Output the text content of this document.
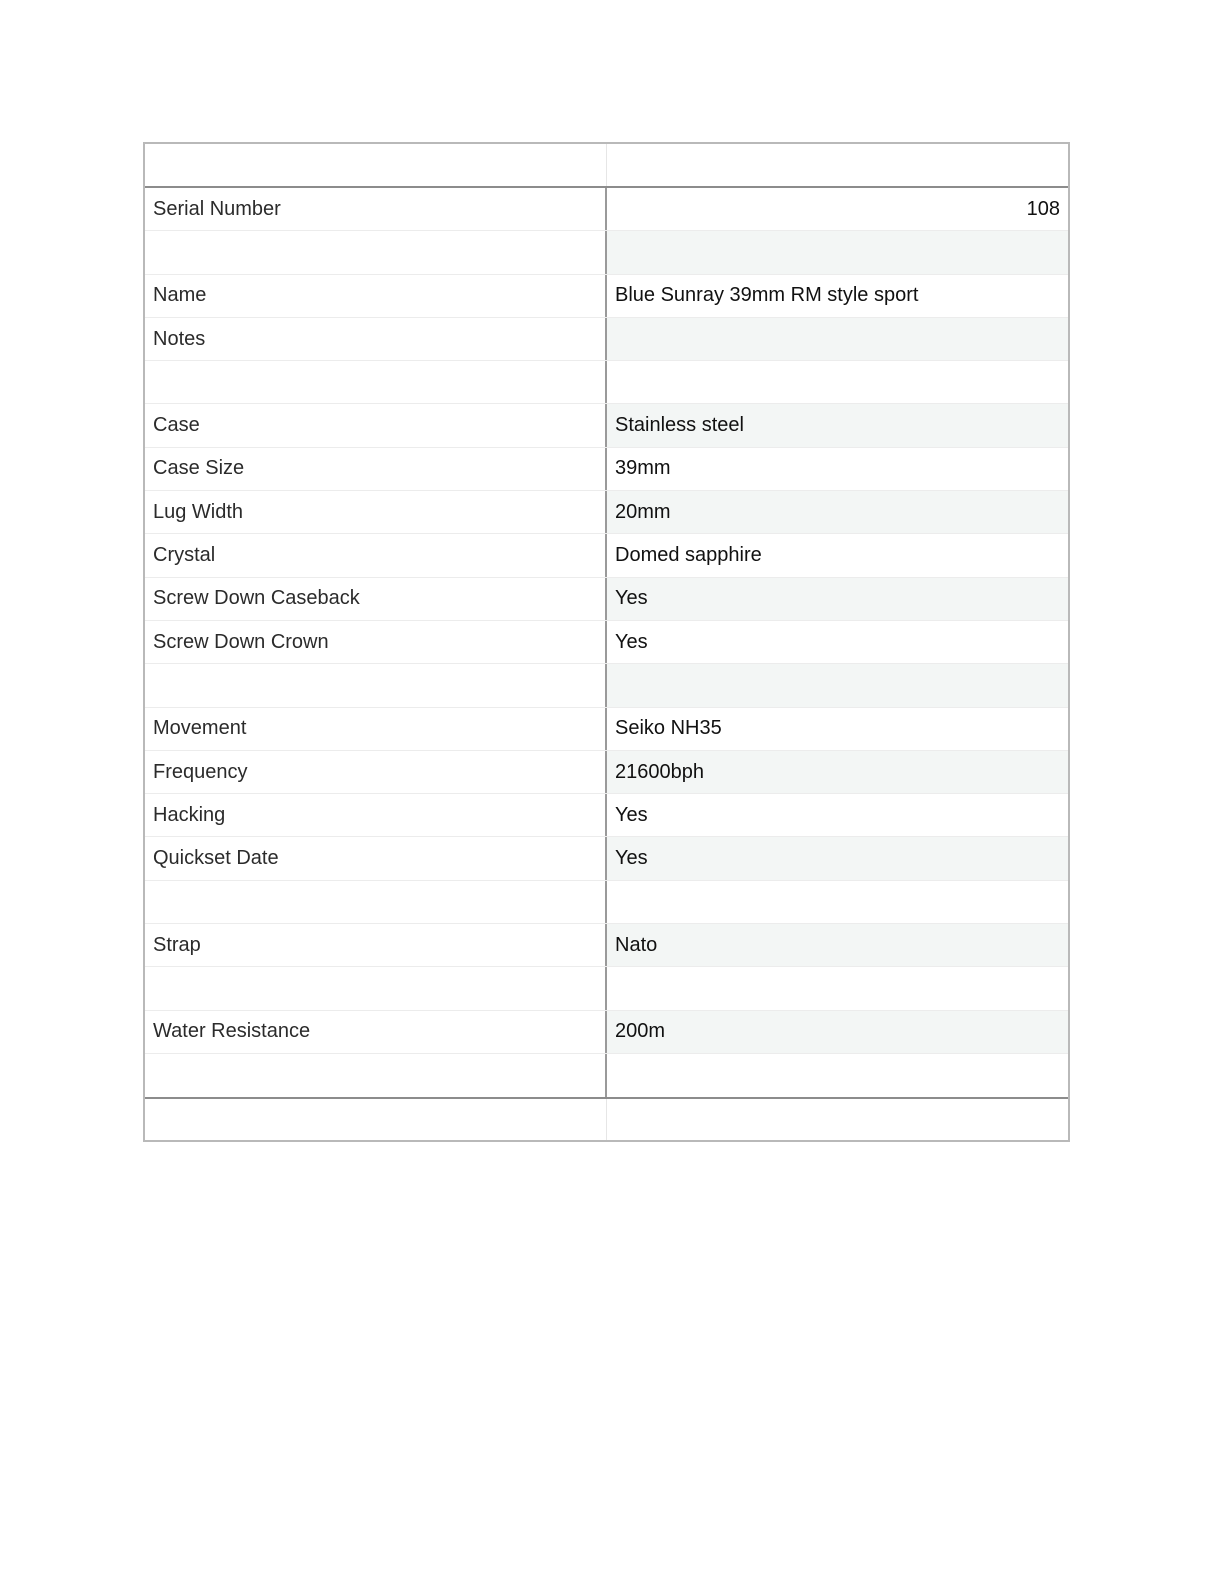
Serial Number	108
Name	Blue Sunray 39mm RM style sport
Notes
Case	Stainless steel
Case Size	39mm
Lug Width	20mm
Crystal	Domed sapphire
Screw Down Caseback	Yes
Screw Down Crown	Yes
Movement	Seiko NH35
Frequency	21600bph
Hacking	Yes
Quickset Date	Yes
Strap	Nato
Water Resistance	200m
